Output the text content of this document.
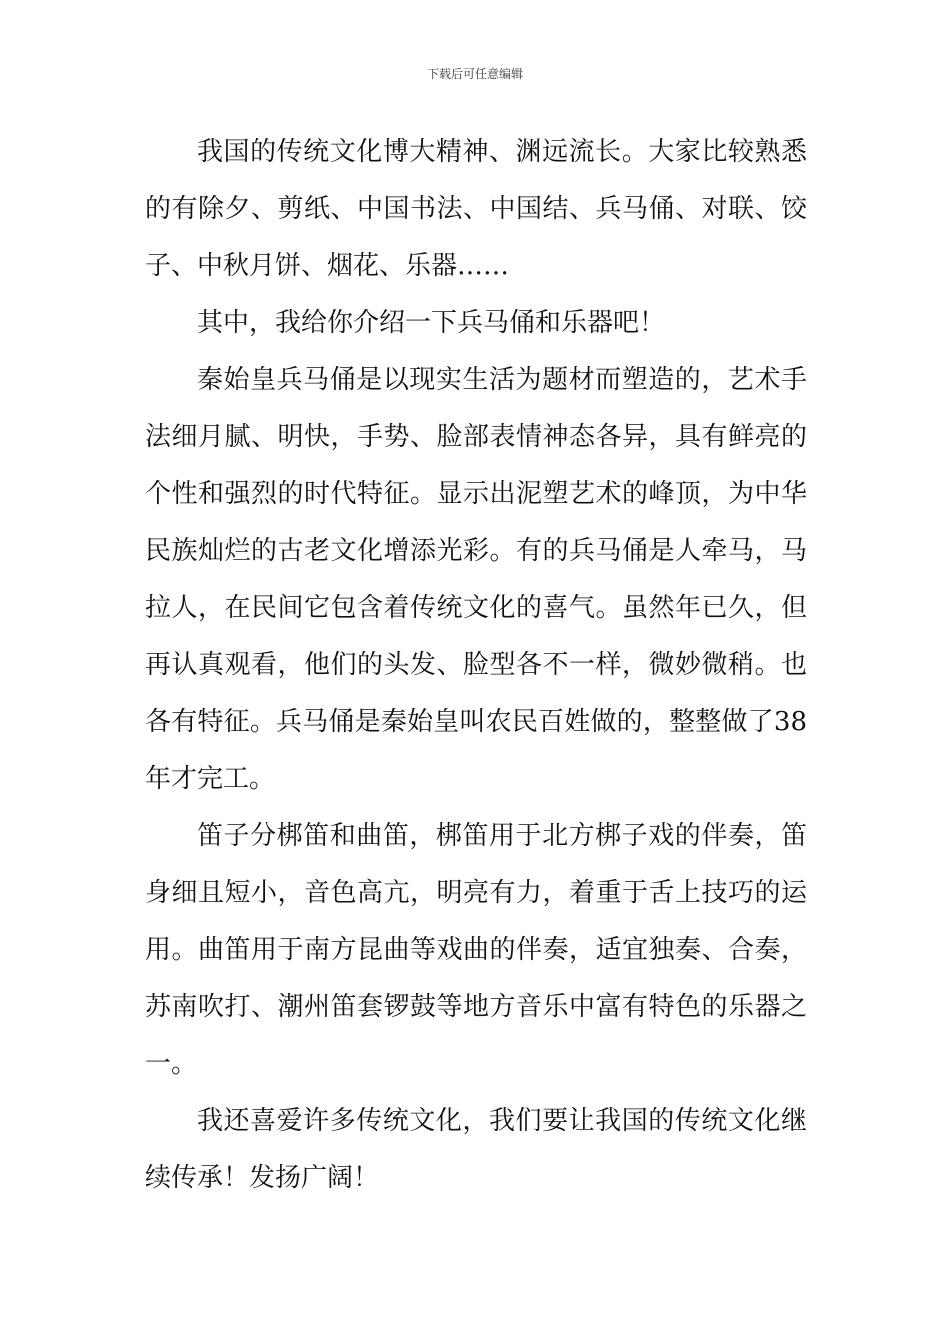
下载后可任意编辑

我国的传统文化博大精神、渊远流长。大家比较熟悉的有除夕、剪纸、中国书法、中国结、兵马俑、对联、饺子、中秋月饼、烟花、乐器……

其中，我给你介绍一下兵马俑和乐器吧！

秦始皇兵马俑是以现实生活为题材而塑造的，艺术手法细月腻、明快，手势、脸部表情神态各异，具有鲜亮的个性和强烈的时代特征。显示出泥塑艺术的峰顶，为中华民族灿烂的古老文化增添光彩。有的兵马俑是人牵马，马拉人，在民间它包含着传统文化的喜气。虽然年已久，但再认真观看，他们的头发、脸型各不一样，微妙微稍。也各有特征。兵马俑是秦始皇叫农民百姓做的，整整做了38年才完工。

笛子分梆笛和曲笛，梆笛用于北方梆子戏的伴奏，笛身细且短小，音色高亢，明亮有力，着重于舌上技巧的运用。曲笛用于南方昆曲等戏曲的伴奏，适宜独奏、合奏，苏南吹打、潮州笛套锣鼓等地方音乐中富有特色的乐器之一。

我还喜爱许多传统文化，我们要让我国的传统文化继续传承！发扬广阔！
